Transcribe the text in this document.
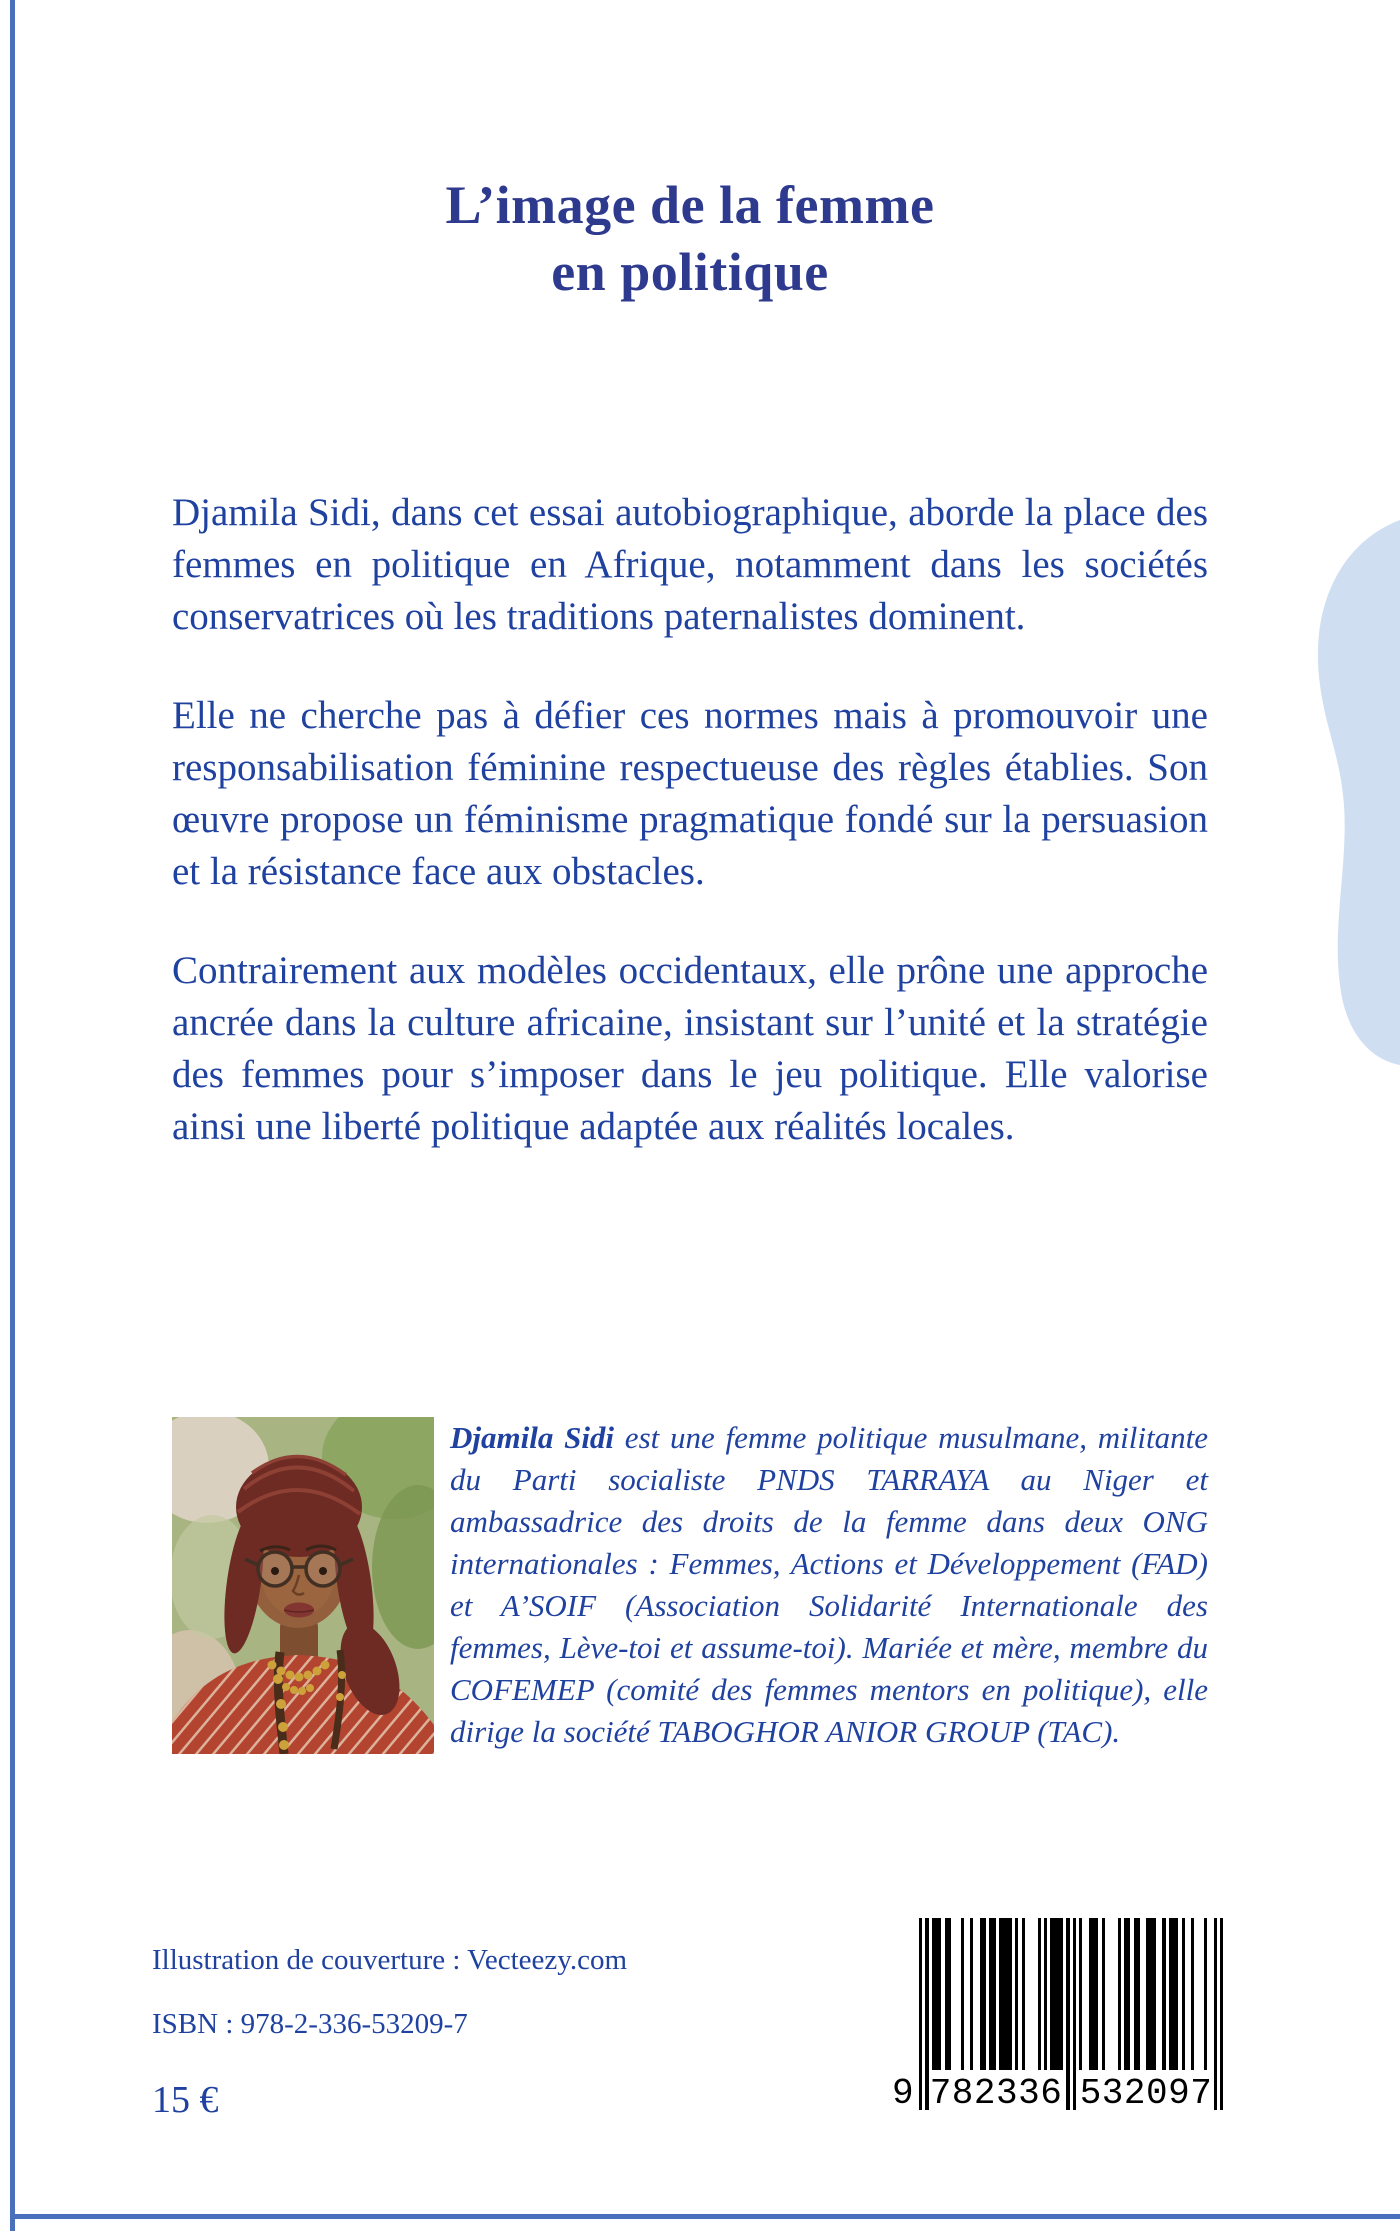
L’image de la femme
en politique

Djamila Sidi, dans cet essai autobiographique, aborde la place des femmes en politique en Afrique, notamment dans les sociétés conservatrices où les traditions paternalistes dominent.

Elle ne cherche pas à défier ces normes mais à promouvoir une responsabilisation féminine respectueuse des règles établies. Son œuvre propose un féminisme pragmatique fondé sur la persuasion et la résistance face aux obstacles.

Contrairement aux modèles occidentaux, elle prône une approche ancrée dans la culture africaine, insistant sur l’unité et la stratégie des femmes pour s’imposer dans le jeu politique. Elle valorise ainsi une liberté politique adaptée aux réalités locales.

Djamila Sidi est une femme politique musulmane, militante du Parti socialiste PNDS TARRAYA au Niger et ambassadrice des droits de la femme dans deux ONG internationales : Femmes, Actions et Développement (FAD) et A’SOIF (Association Solidarité Internationale des femmes, Lève-toi et assume-toi). Mariée et mère, membre du COFEMEP (comité des femmes mentors en politique), elle dirige la société TABOGHOR ANIOR GROUP (TAC).
Illustration de couverture : Vecteezy.com
ISBN : 978-2-336-53209-7
15 €	9 782336 532097
